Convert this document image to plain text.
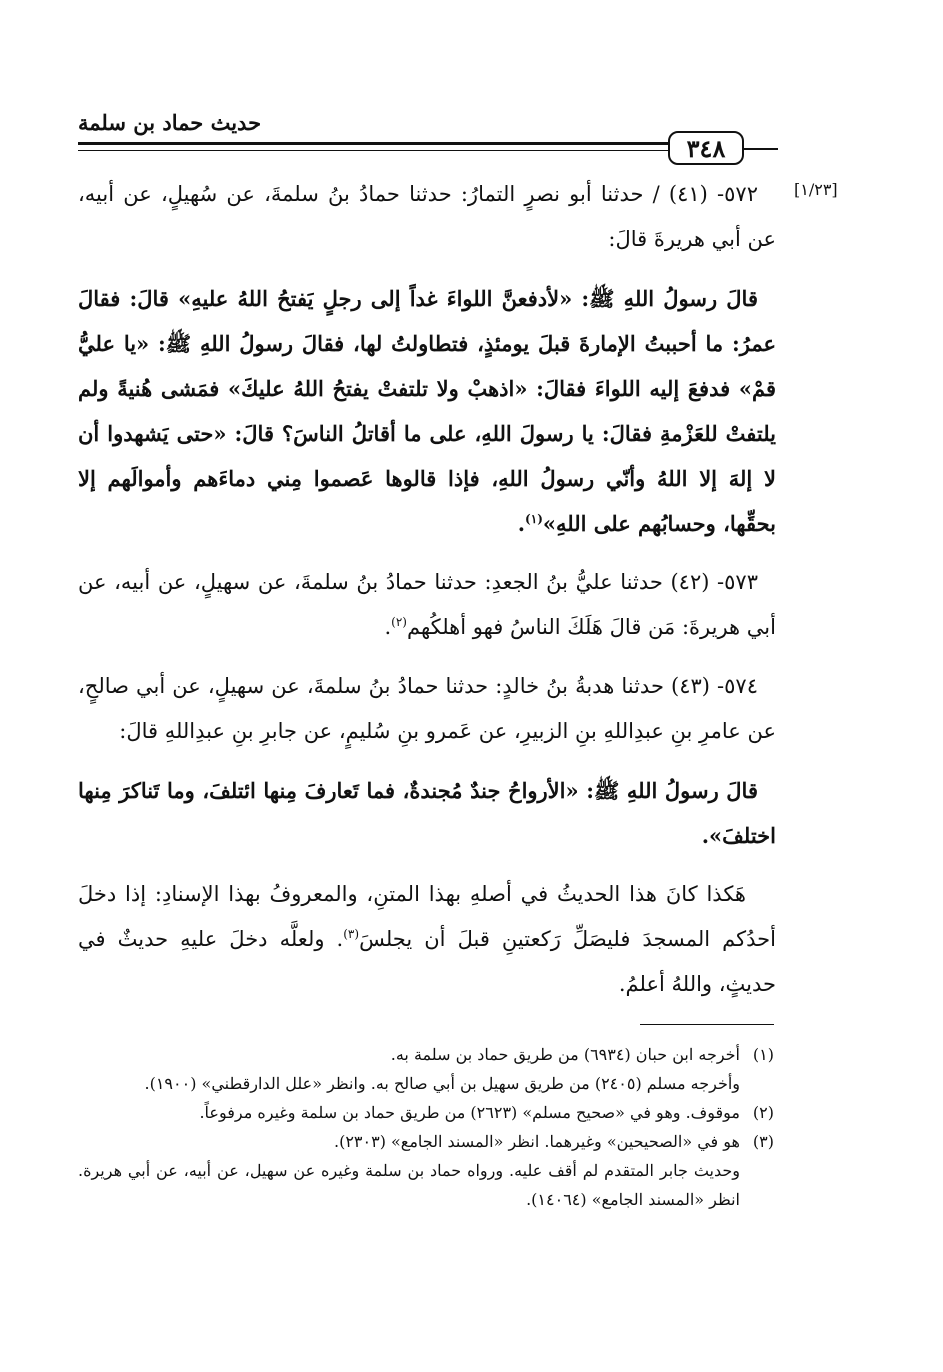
حديث حماد بن سلمة
٣٤٨
[١/٢٣]

٥٧٢- (٤١) / حدثنا أبو نصرٍ التمارُ: حدثنا حمادُ بنُ سلمةَ، عن سُهيلٍ، عن أبيه، عن أبي هريرةَ قالَ:

قالَ رسولُ اللهِ ﷺ: «لأدفعنَّ اللواءَ غداً إلى رجلٍ يَفتحُ اللهُ عليهِ» قالَ: فقالَ عمرُ: ما أحببتُ الإمارةَ قبلَ يومئذٍ، فتطاولتُ لها، فقالَ رسولُ اللهِ ﷺ: «يا عليُّ قمْ» فدفعَ إليه اللواءَ فقالَ: «اذهبْ ولا تلتفتْ يفتحُ اللهُ عليكَ» فمَشى هُنيةً ولم يلتفتْ للعَزْمةِ فقالَ: يا رسولَ اللهِ، على ما أقاتلُ الناسَ؟ قالَ: «حتى يَشهدوا أن لا إلهَ إلا اللهُ وأنّي رسولُ اللهِ، فإذا قالوها عَصموا مِني دماءَهم وأموالَهم إلا بحقِّها، وحسابُهم على اللهِ»$^{(١)}$.

٥٧٣- (٤٢) حدثنا عليُّ بنُ الجعدِ: حدثنا حمادُ بنُ سلمةَ، عن سهيلٍ، عن أبيه، عن أبي هريرةَ: مَن قالَ هَلَكَ الناسُ فهو أهلكُهم$^{(٢)}$.

٥٧٤- (٤٣) حدثنا هدبةُ بنُ خالدٍ: حدثنا حمادُ بنُ سلمةَ، عن سهيلٍ، عن أبي صالحٍ، عن عامرِ بنِ عبدِاللهِ بنِ الزبيرِ، عن عَمرو بنِ سُليمٍ، عن جابرِ بنِ عبدِاللهِ قالَ:

قالَ رسولُ اللهِ ﷺ: «الأرواحُ جندٌ مُجندةٌ، فما تَعارفَ مِنها ائتلفَ، وما تَناكرَ مِنها اختلفَ».

هَكذا كانَ هذا الحديثُ في أصلهِ بهذا المتنِ، والمعروفُ بهذا الإسنادِ: إذا دخلَ أحدُكم المسجدَ فليصَلِّ رَكعتينِ قبلَ أن يجلسَ$^{(٣)}$. ولعلَّه دخلَ عليهِ حديثٌ في حديثٍ، واللهُ أعلمُ.

(١)أخرجه ابن حبان (٦٩٣٤) من طريق حماد بن سلمة به.

وأخرجه مسلم (٢٤٠٥) من طريق سهيل بن أبي صالح به. وانظر «علل الدارقطني» (١٩٠٠).

(٢)موقوف. وهو في «صحيح مسلم» (٢٦٢٣) من طريق حماد بن سلمة وغيره مرفوعاً.

(٣)هو في «الصحيحين» وغيرهما. انظر «المسند الجامع» (٢٣٠٣).

وحديث جابر المتقدم لم أقف عليه. ورواه حماد بن سلمة وغيره عن سهيل، عن أبيه، عن أبي هريرة. انظر «المسند الجامع» (١٤٠٦٤).
